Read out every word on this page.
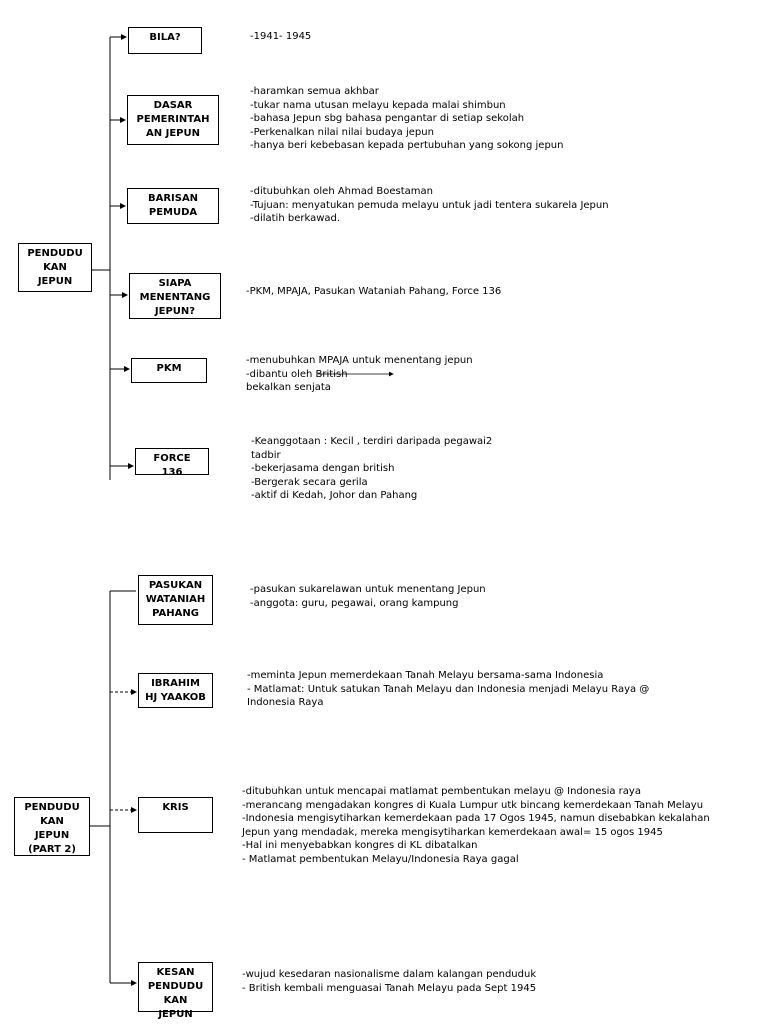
PENDUDU
KAN
JEPUN
BILA?	-1941- 1945
DASAR
PEMERINTAH
AN JEPUN
-haramkan semua akhbar
-tukar nama utusan melayu kepada malai shimbun
-bahasa Jepun sbg bahasa pengantar di setiap sekolah
-Perkenalkan nilai nilai budaya jepun
-hanya beri kebebasan kepada pertubuhan yang sokong jepun
BARISAN
PEMUDA
-ditubuhkan oleh Ahmad Boestaman
-Tujuan: menyatukan pemuda melayu untuk jadi tentera sukarela Jepun
-dilatih berkawad.
SIAPA
MENENTANG
JEPUN?
-PKM, MPAJA, Pasukan Wataniah Pahang, Force 136
PKM
-menubuhkan MPAJA untuk menentang jepun
-dibantu oleh British
bekalkan senjata
FORCE
136
-Keanggotaan : Kecil , terdiri daripada pegawai2
tadbir
-bekerjasama dengan british
-Bergerak secara gerila
-aktif di Kedah, Johor dan Pahang
PENDUDU
KAN
JEPUN
(PART 2)
PASUKAN
WATANIAH
PAHANG
-pasukan sukarelawan untuk menentang Jepun
-anggota: guru, pegawai, orang kampung
IBRAHIM
HJ YAAKOB
-meminta Jepun memerdekaan Tanah Melayu bersama-sama Indonesia
- Matlamat: Untuk satukan Tanah Melayu dan Indonesia menjadi Melayu Raya @
Indonesia Raya
KRIS
-ditubuhkan untuk mencapai matlamat pembentukan melayu @ Indonesia raya
-merancang mengadakan kongres di Kuala Lumpur utk bincang kemerdekaan Tanah Melayu
-Indonesia mengisytiharkan kemerdekaan pada 17 Ogos 1945, namun disebabkan kekalahan
Jepun yang mendadak, mereka mengisytiharkan kemerdekaan awal= 15 ogos 1945
-Hal ini menyebabkan kongres di KL dibatalkan
- Matlamat pembentukan Melayu/Indonesia Raya gagal
KESAN
PENDUDU
KAN
JEPUN
-wujud kesedaran nasionalisme dalam kalangan penduduk
- British kembali menguasai Tanah Melayu pada Sept 1945
